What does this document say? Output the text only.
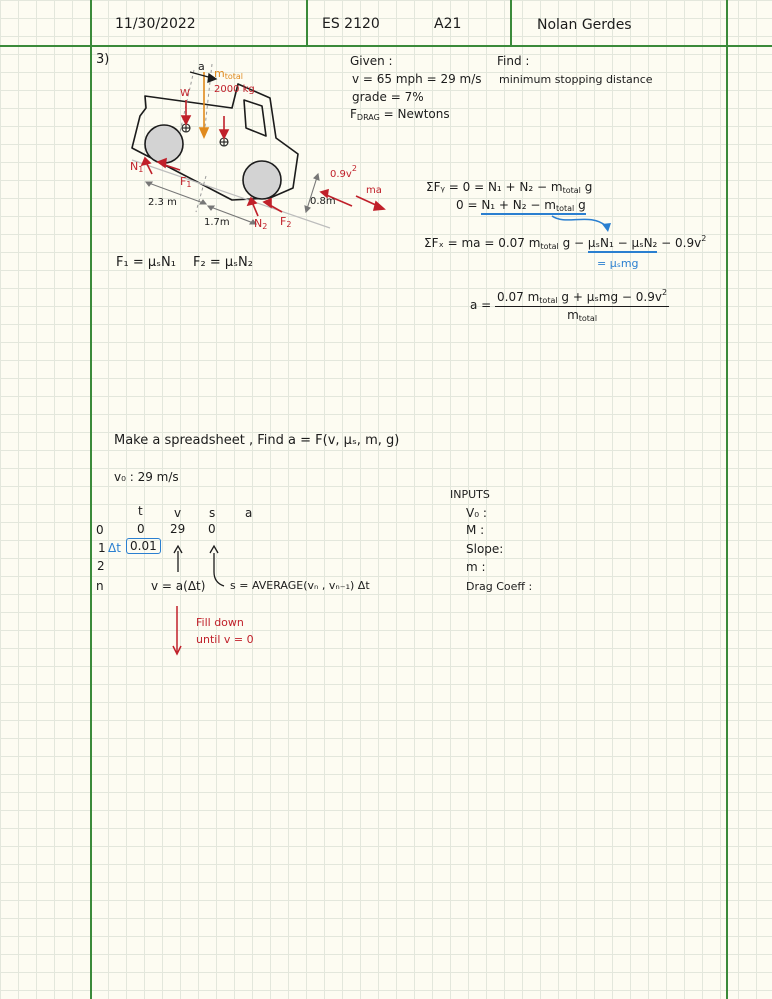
11/30/2022	ES 2120	A21	Nolan Gerdes
3)	a
$m_{total}$
2000 kg
W
$N_1$
$F_1$
$N_2$ $F_2$
$0.9v^2$
ma
2.3 m
1.7m
0.8m
Given :
v = 65 mph = 29 m/s
grade = 7%
$F_{DRAG}$ = Newtons
Find :
minimum stopping distance
F₁ = μₛN₁ F₂ = μₛN₂
ΣFᵧ = $0 = N_1 + N_2 - m_{total}$ g
$0 = N_1 + N_2 - m_{total}$ g
ΣFₓ = ma = 0.07 $m_{total}$ $g - \mu_sN_1 - \mu_sN_2 - 0.9v^2$
= μₛmg
$a = \frac{0.07 m_{total} g + \mu_smg - 0.9v^2}{m_{total}}$
Make a spreadsheet , Find a = F(v, μₛ, m, g)
v₀ : 29 m/s
t	v s a
0	0 29 0
1 Δt 0.01
2
n	v = a(Δt) s = AVERAGE(vₙ , vₙ₋₁) Δt
Fill down
until v = 0
INPUTS
V₀ :
M :
Slope:
m :
Drag Coeff :
